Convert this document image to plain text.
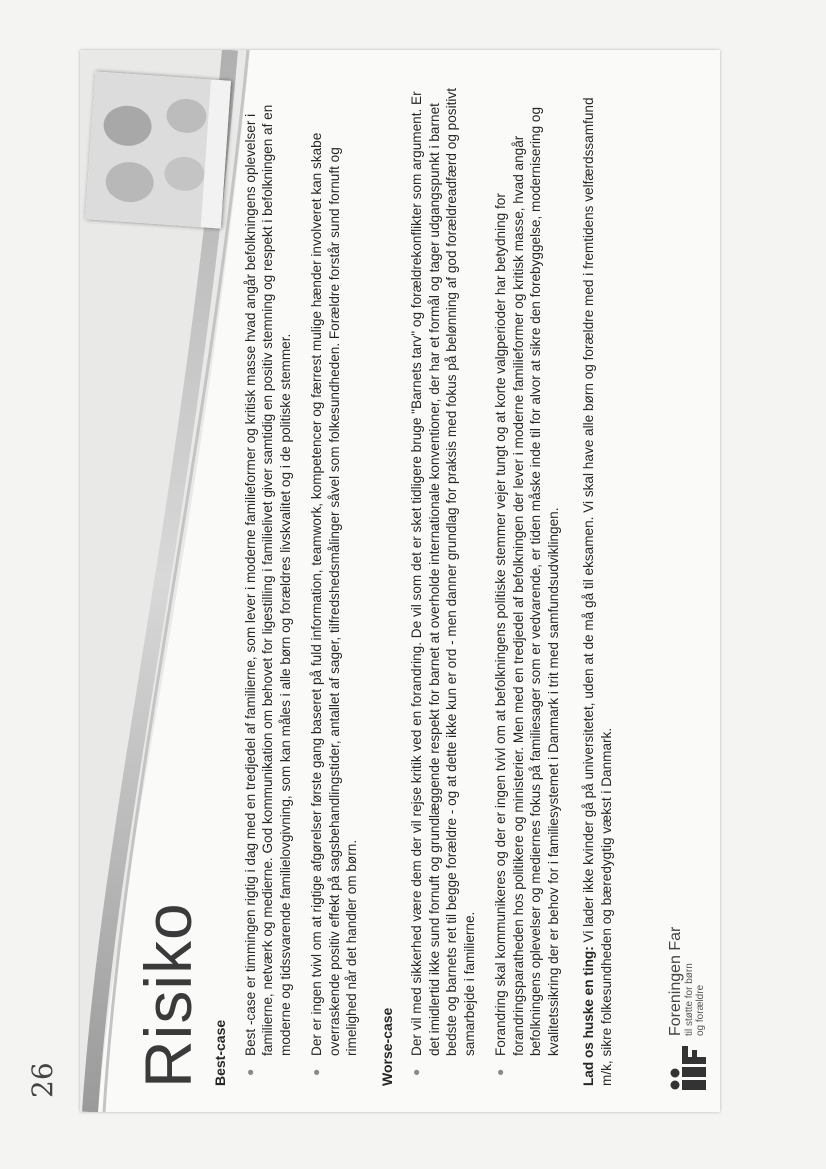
26 Risiko Best-case ●
Best -case er timmingen rigtig i dag med en tredjedel af familierne, som lever i moderne familieformer og kritisk masse hvad angår befolkningens oplevelser i familierne, netværk og medierne. God kommunikation om behovet for ligestilling i familielivet giver samtidig en positiv stemning og respekt i befolkningen af en moderne og tidssvarende familielovgivning, som kan måles i alle børn og forældres livskvalitet og i de politiske stemmer.
●
Der er ingen tvivl om at rigtige afgørelser første gang baseret på fuld information, teamwork, kompetencer og færrest mulige hænder involveret kan skabe overraskende positiv effekt på sagsbehandlingstider, antallet af sager, tilfredshedsmålinger såvel som folkesundheden. Forældre forstår sund fornuft og rimelighed når det handler om børn. Worse-case ●
Der vil med sikkerhed være dem der vil rejse kritik ved en forandring. De vil som det er sket tidligere bruge "Barnets tarv" og forældrekonflikter som argument. Er det imidlertid ikke sund fornuft og grundlæggende respekt for barnet at overholde internationale konventioner, der har et formål og tager udgangspunkt i barnet bedste og barnets ret til begge forældre - og at dette ikke kun er ord - men danner grundlag for praksis med fokus på belønning af god forældreadfærd og positivt samarbejde i familierne.
●
Forandring skal kommunikeres og der er ingen tvivl om at befolkningens politiske stemmer vejer tungt og at korte valgperioder har betydning for forandringsparatheden hos politikere og ministerier. Men med en tredjedel af befolkningen der lever i moderne familieformer og kritisk masse, hvad angår befolkningens oplevelser og mediernes fokus på familiesager som er vedvarende, er tiden måske inde til for alvor at sikre den forebyggelse, modernisering og kvalitetssikring der er behov for i familiesystemet i Danmark i trit med samfundsudviklingen. Lad os huske en ting: Vi lader ikke kvinder gå på universitetet, uden at de må gå til eksamen. Vi skal have alle børn og forældre med i fremtidens velfærdssamfund m/k, sikre folkesundheden og bæredygtig vækst i Danmark.	Foreningen Far til støtte for børn og forældre
